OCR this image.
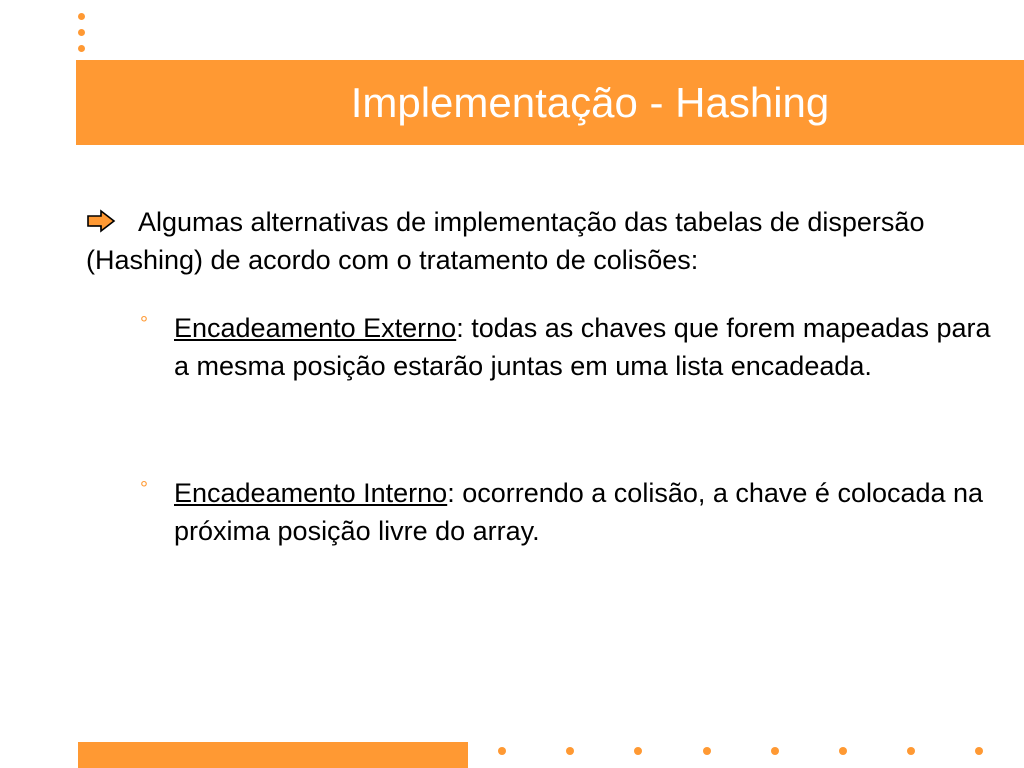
Implementação - Hashing
Algumas alternativas de implementação das tabelas de dispersão (Hashing) de acordo com o tratamento de colisões:
° Encadeamento Externo: todas as chaves que forem mapeadas para a mesma posição estarão juntas em uma lista encadeada.
° Encadeamento Interno: ocorrendo a colisão, a chave é colocada na próxima posição livre do array.
